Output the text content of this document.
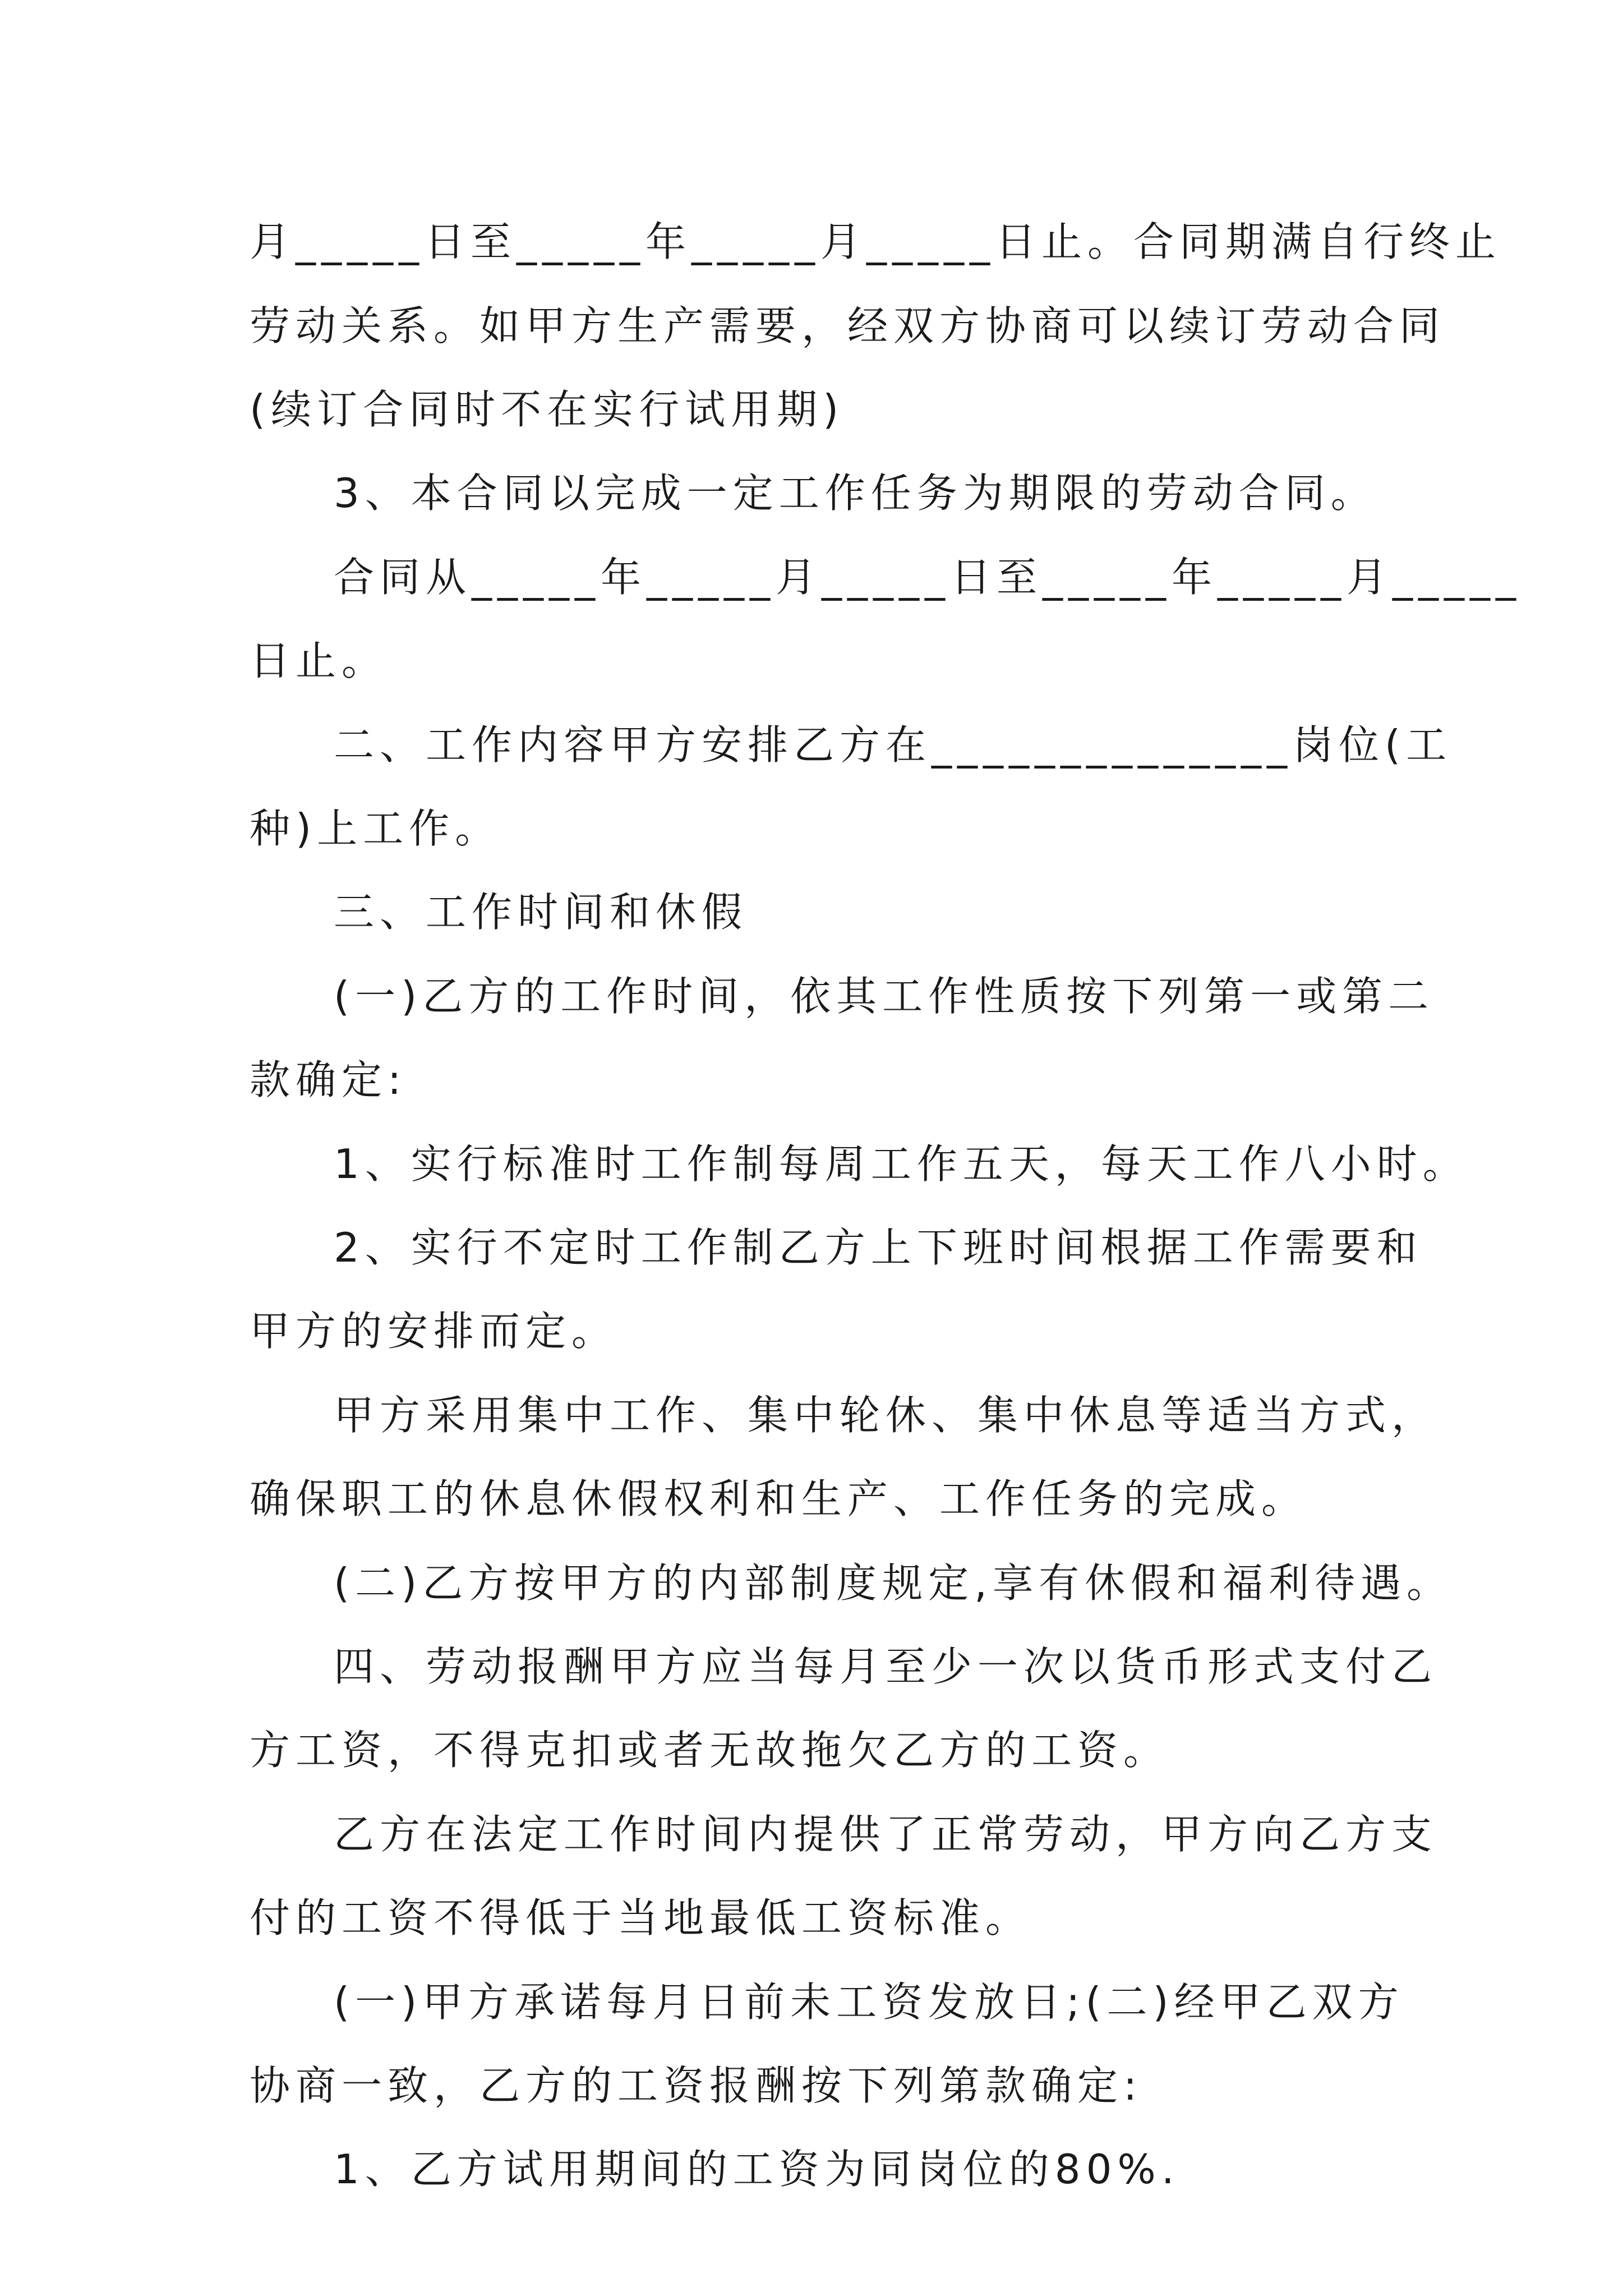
月_____日至_____年_____月_____日止。合同期满自行终止
劳动关系。如甲方生产需要，经双方协商可以续订劳动合同
(续订合同时不在实行试用期)
3、本合同以完成一定工作任务为期限的劳动合同。
合同从_____年_____月_____日至_____年_____月_____
日止。
二、工作内容甲方安排乙方在______________岗位(工
种)上工作。
三、工作时间和休假
(一)乙方的工作时间，依其工作性质按下列第一或第二
款确定:
1、实行标准时工作制每周工作五天，每天工作八小时。
2、实行不定时工作制乙方上下班时间根据工作需要和
甲方的安排而定。
甲方采用集中工作、集中轮休、集中休息等适当方式，
确保职工的休息休假权利和生产、工作任务的完成。
(二)乙方按甲方的内部制度规定,享有休假和福利待遇。
四、劳动报酬甲方应当每月至少一次以货币形式支付乙
方工资，不得克扣或者无故拖欠乙方的工资。
乙方在法定工作时间内提供了正常劳动，甲方向乙方支
付的工资不得低于当地最低工资标准。
(一)甲方承诺每月日前未工资发放日;(二)经甲乙双方
协商一致，乙方的工资报酬按下列第款确定:
1、乙方试用期间的工资为同岗位的80%.
